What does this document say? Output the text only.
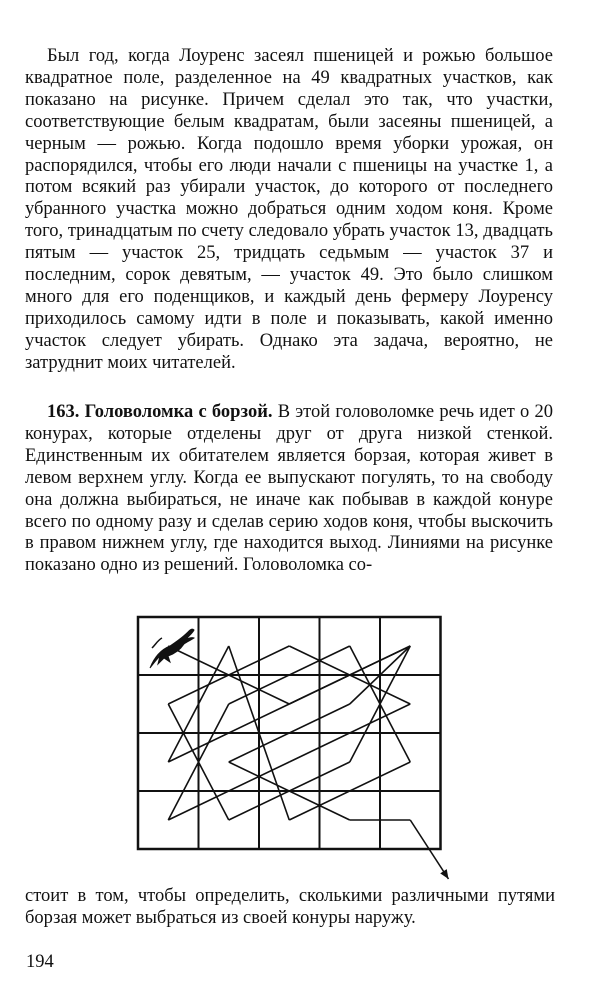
Был год, когда Лоуренс засеял пшеницей и рожью большое квадратное поле, разделенное на 49 квадратных участков, как показано на рисунке. Причем сделал это так, что участки, соответствующие белым квадратам, были засеяны пшеницей, а черным — рожью. Когда подошло время уборки урожая, он распорядился, чтобы его люди начали с пшеницы на участке 1, а потом всякий раз убирали участок, до которого от последнего убранного участка можно добраться одним ходом коня. Кроме того, тринадцатым по счету следовало убрать участок 13, двадцать пятым — участок 25, тридцать седьмым — участок 37 и последним, сорок девятым, — участок 49. Это было слишком много для его поденщиков, и каждый день фермеру Лоуренсу приходилось самому идти в поле и показывать, какой именно участок следует убирать. Однако эта задача, вероятно, не затруднит моих читателей.

163. Головоломка с борзой. В этой головоломке речь идет о 20 конурах, которые отделены друг от друга низкой стенкой. Единственным их обитателем является борзая, которая живет в левом верхнем углу. Когда ее выпускают погулять, то на свободу она должна выбираться, не иначе как побывав в каждой конуре всего по одному разу и сделав серию ходов коня, чтобы выскочить в правом нижнем углу, где находится выход. Линиями на рисунке показано одно из решений. Головоломка со-

стоит в том, чтобы определить, сколькими различными путями борзая может выбраться из своей конуры наружу.

194
